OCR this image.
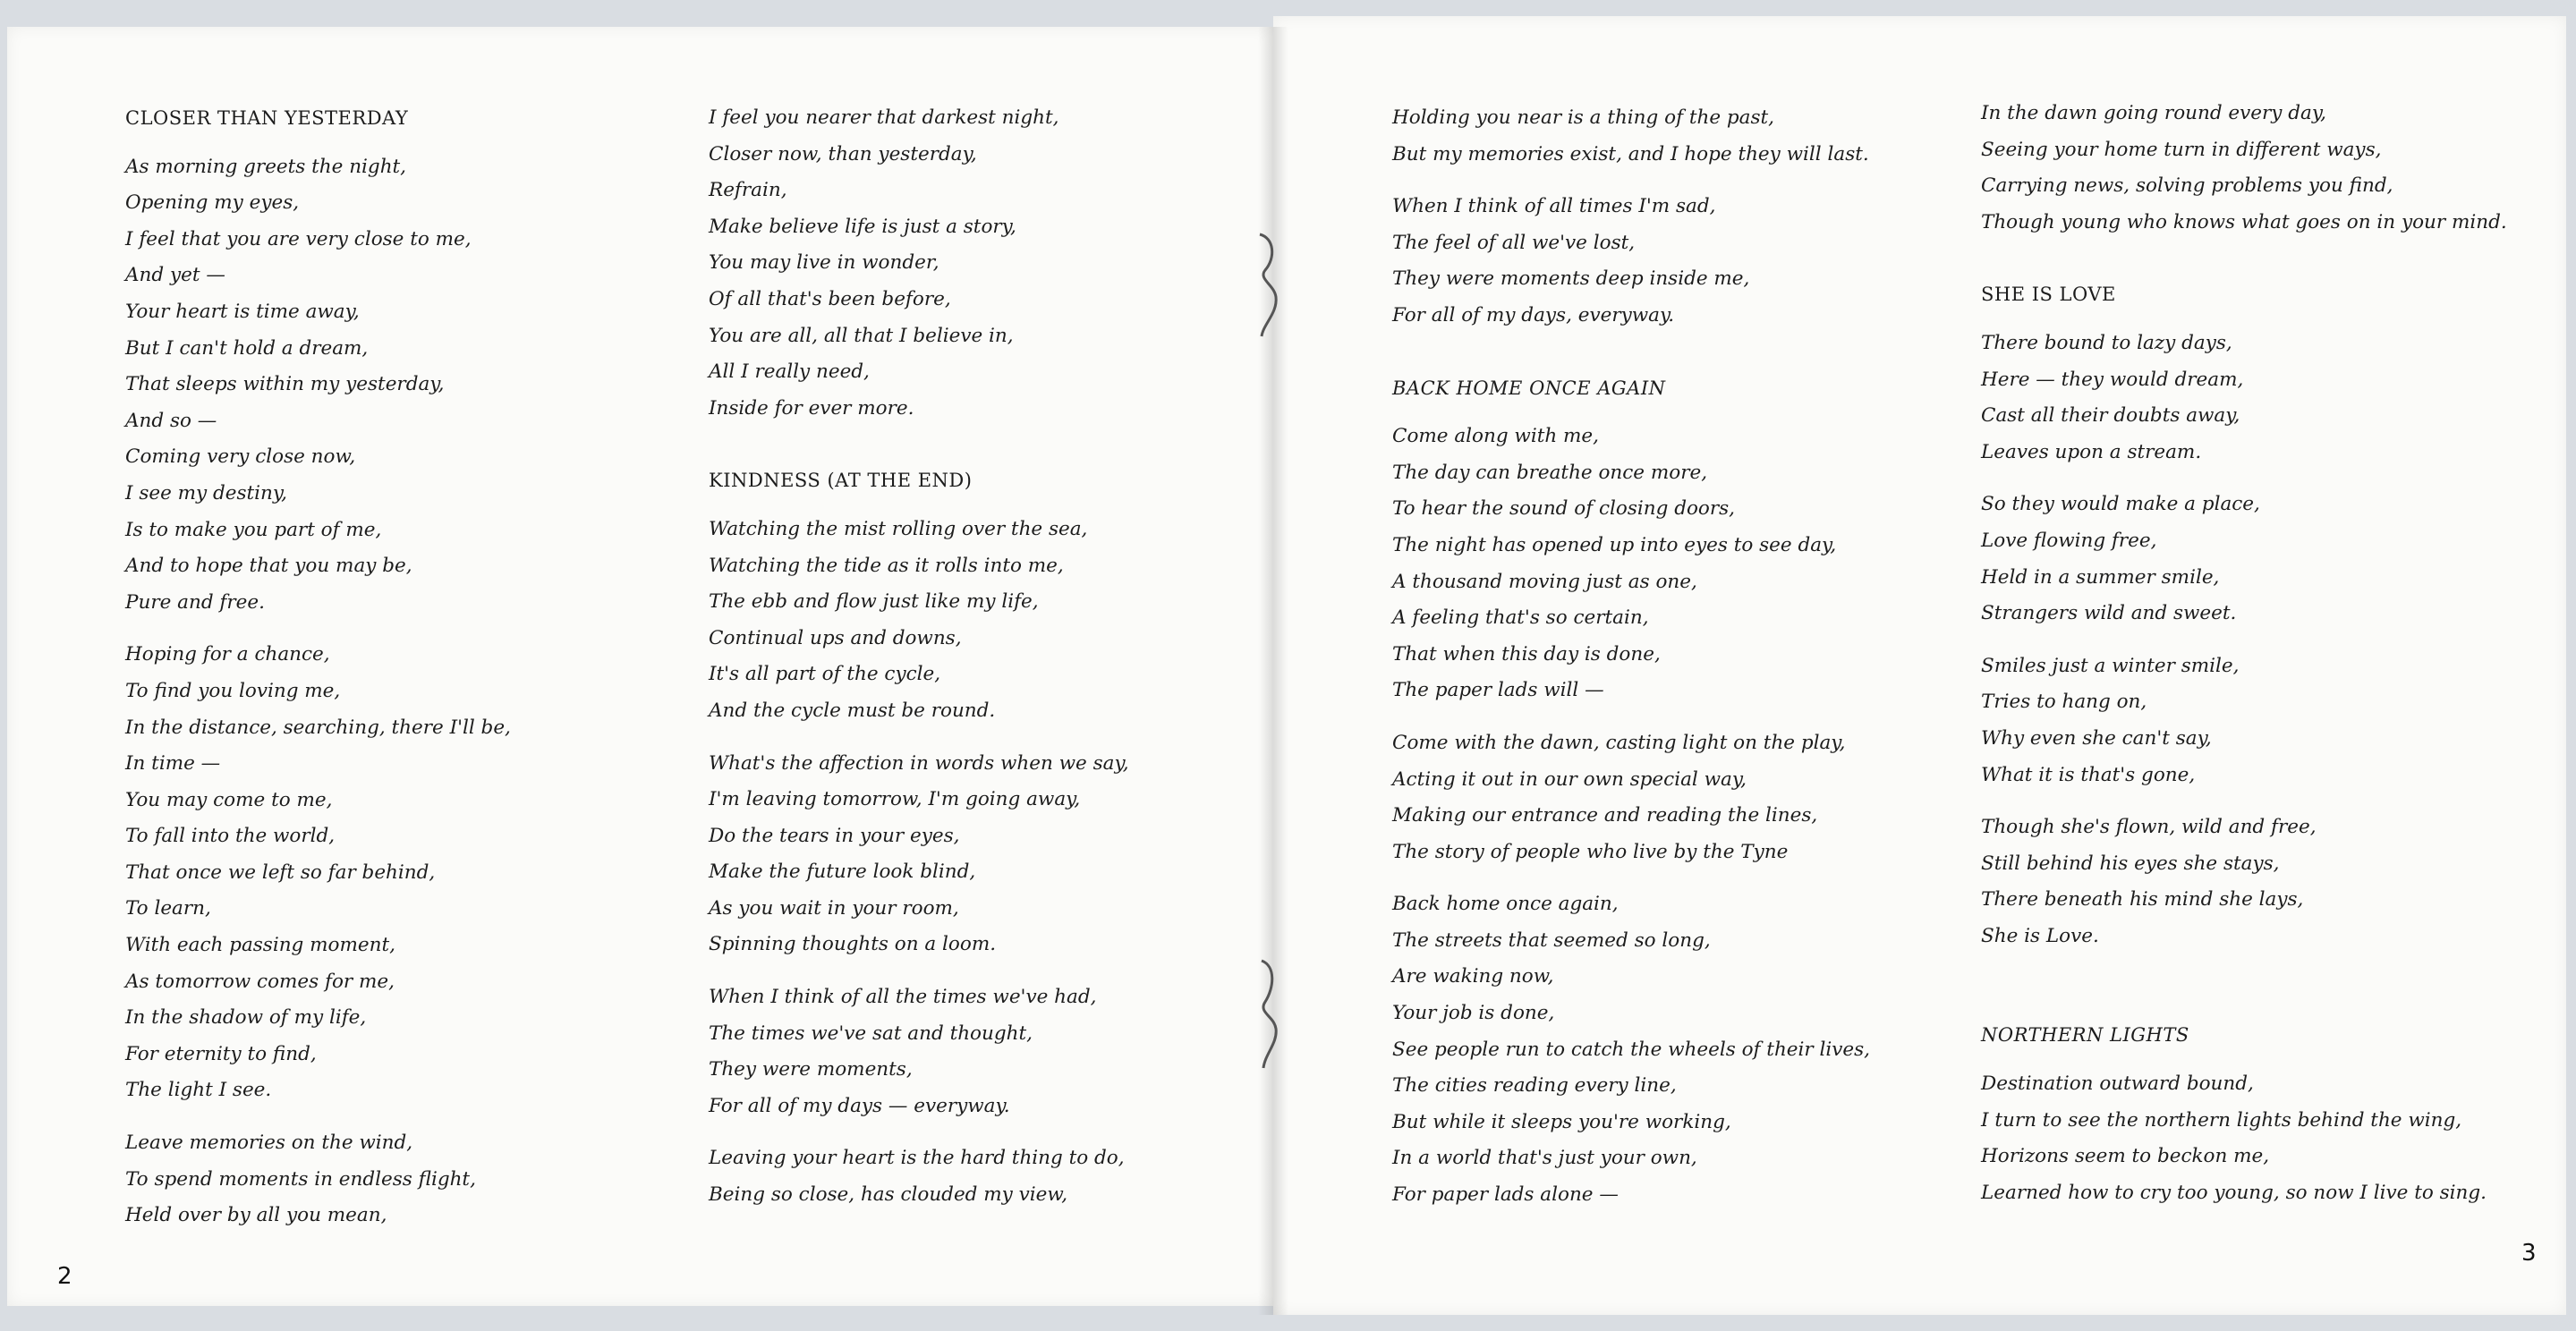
CLOSER THAN YESTERDAY
As morning greets the night,
Opening my eyes,
I feel that you are very close to me,
And yet —
Your heart is time away,
But I can't hold a dream,
That sleeps within my yesterday,
And so —
Coming very close now,
I see my destiny,
Is to make you part of me,
And to hope that you may be,
Pure and free.
Hoping for a chance,
To find you loving me,
In the distance, searching, there I'll be,
In time —
You may come to me,
To fall into the world,
That once we left so far behind,
To learn,
With each passing moment,
As tomorrow comes for me,
In the shadow of my life,
For eternity to find,
The light I see.
Leave memories on the wind,
To spend moments in endless flight,
Held over by all you mean,
I feel you nearer that darkest night,
Closer now, than yesterday,
Refrain,
Make believe life is just a story,
You may live in wonder,
Of all that's been before,
You are all, all that I believe in,
All I really need,
Inside for ever more.
KINDNESS (AT THE END)
Watching the mist rolling over the sea,
Watching the tide as it rolls into me,
The ebb and flow just like my life,
Continual ups and downs,
It's all part of the cycle,
And the cycle must be round.
What's the affection in words when we say,
I'm leaving tomorrow, I'm going away,
Do the tears in your eyes,
Make the future look blind,
As you wait in your room,
Spinning thoughts on a loom.
When I think of all the times we've had,
The times we've sat and thought,
They were moments,
For all of my days — everyway.
Leaving your heart is the hard thing to do,
Being so close, has clouded my view,
Holding you near is a thing of the past,
But my memories exist, and I hope they will last.
When I think of all times I'm sad,
The feel of all we've lost,
They were moments deep inside me,
For all of my days, everyway.
BACK HOME ONCE AGAIN
Come along with me,
The day can breathe once more,
To hear the sound of closing doors,
The night has opened up into eyes to see day,
A thousand moving just as one,
A feeling that's so certain,
That when this day is done,
The paper lads will —
Come with the dawn, casting light on the play,
Acting it out in our own special way,
Making our entrance and reading the lines,
The story of people who live by the Tyne
Back home once again,
The streets that seemed so long,
Are waking now,
Your job is done,
See people run to catch the wheels of their lives,
The cities reading every line,
But while it sleeps you're working,
In a world that's just your own,
For paper lads alone —
In the dawn going round every day,
Seeing your home turn in different ways,
Carrying news, solving problems you find,
Though young who knows what goes on in your mind.
SHE IS LOVE
There bound to lazy days,
Here — they would dream,
Cast all their doubts away,
Leaves upon a stream.
So they would make a place,
Love flowing free,
Held in a summer smile,
Strangers wild and sweet.
Smiles just a winter smile,
Tries to hang on,
Why even she can't say,
What it is that's gone,
Though she's flown, wild and free,
Still behind his eyes she stays,
There beneath his mind she lays,
She is Love.
NORTHERN LIGHTS
Destination outward bound,
I turn to see the northern lights behind the wing,
Horizons seem to beckon me,
Learned how to cry too young, so now I live to sing.
2
3
